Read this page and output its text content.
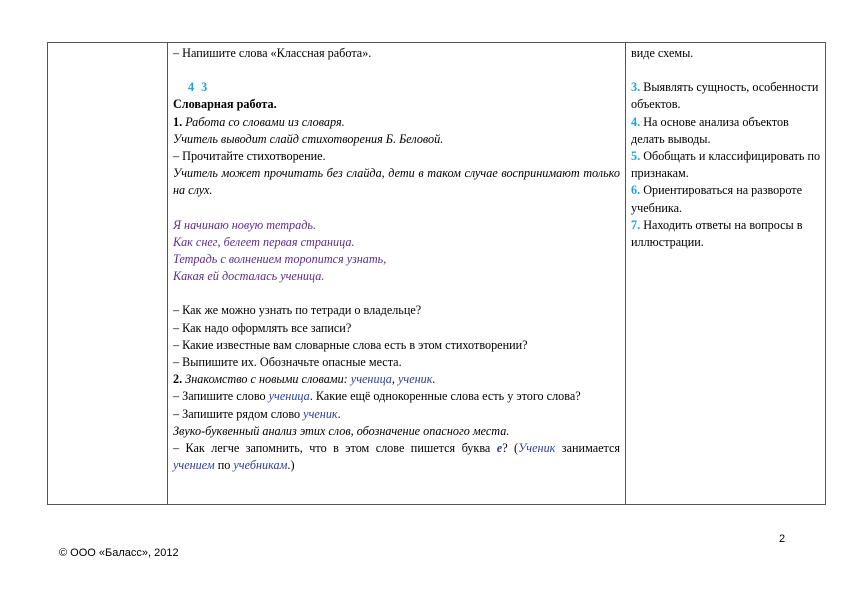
– Напишите слова «Классная работа».
4 3
Словарная работа.
1. Работа со словами из словаря.
Учитель выводит слайд стихотворения Б. Беловой.
– Прочитайте стихотворение.
Учитель может прочитать без слайда, дети в таком случае воспринимают только на слух.
Я начинаю новую тетрадь.
Как снег, белеет первая страница.
Тетрадь с волнением торопится узнать,
Какая ей досталась ученица.
– Как же можно узнать по тетради о владельце?
– Как надо оформлять все записи?
– Какие известные вам словарные слова есть в этом стихотворении?
– Выпишите их. Обозначьте опасные места.
2. Знакомство с новыми словами: ученица, ученик.
– Запишите слово ученица. Какие ещё однокоренные слова есть у этого слова?
– Запишите рядом слово ученик.
Звуко-буквенный анализ этих слов, обозначение опасного места.
– Как легче запомнить, что в этом слове пишется буква е? (Ученик занимается учением по учебникам.)
виде схемы.
3. Выявлять сущность, особенности объектов.
4. На основе анализа объектов делать выводы.
5. Обобщать и классифицировать по признакам.
6. Ориентироваться на развороте учебника.
7. Находить ответы на вопросы в иллюстрации.
2
© ООО «Баласс», 2012
